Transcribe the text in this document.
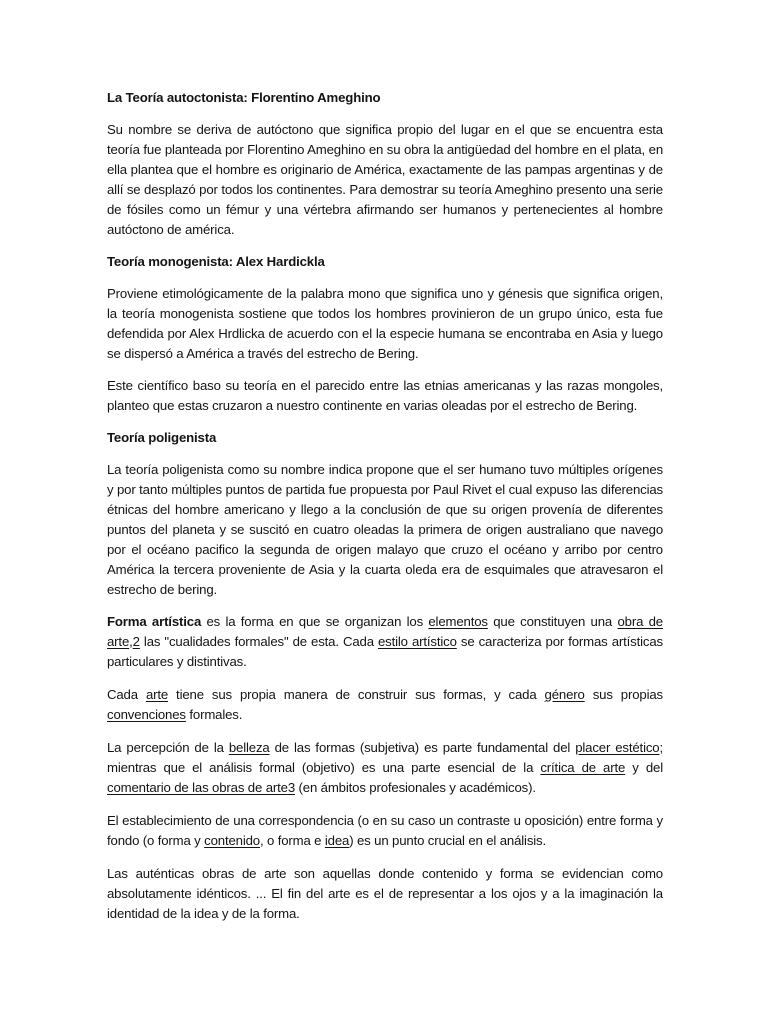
La Teoría autoctonista: Florentino Ameghino

Su nombre se deriva de autóctono que significa propio del lugar en el que se encuentra esta teoría fue planteada por Florentino Ameghino en su obra la antigüedad del hombre en el plata, en ella plantea que el hombre es originario de América, exactamente de las pampas argentinas y de allí se desplazó por todos los continentes. Para demostrar su teoría Ameghino presento una serie de fósiles como un fémur y una vértebra afirmando ser humanos y pertenecientes al hombre autóctono de américa.

Teoría monogenista: Alex Hardickla

Proviene etimológicamente de la palabra mono que significa uno y génesis que significa origen, la teoría monogenista sostiene que todos los hombres provinieron de un grupo único, esta fue defendida por Alex Hrdlicka de acuerdo con el la especie humana se encontraba en Asia y luego se dispersó a América a través del estrecho de Bering.

Este científico baso su teoría en el parecido entre las etnias americanas y las razas mongoles, planteo que estas cruzaron a nuestro continente en varias oleadas por el estrecho de Bering.

Teoría poligenista

La teoría poligenista como su nombre indica propone que el ser humano tuvo múltiples orígenes y por tanto múltiples puntos de partida fue propuesta por Paul Rivet el cual expuso las diferencias étnicas del hombre americano y llego a la conclusión de que su origen provenía de diferentes puntos del planeta y se suscitó en cuatro oleadas la primera de origen australiano que navego por el océano pacifico la segunda de origen malayo que cruzo el océano y arribo por centro América la tercera proveniente de Asia y la cuarta oleda era de esquimales que atravesaron el estrecho de bering.

Forma artística es la forma en que se organizan los elementos que constituyen una obra de arte,2 las "cualidades formales" de esta. Cada estilo artístico se caracteriza por formas artísticas particulares y distintivas.

Cada arte tiene sus propia manera de construir sus formas, y cada género sus propias convenciones formales.

La percepción de la belleza de las formas (subjetiva) es parte fundamental del placer estético; mientras que el análisis formal (objetivo) es una parte esencial de la crítica de arte y del comentario de las obras de arte3 (en ámbitos profesionales y académicos).

El establecimiento de una correspondencia (o en su caso un contraste u oposición) entre forma y fondo (o forma y contenido, o forma e idea) es un punto crucial en el análisis.

Las auténticas obras de arte son aquellas donde contenido y forma se evidencian como absolutamente idénticos. ... El fin del arte es el de representar a los ojos y a la imaginación la identidad de la idea y de la forma.
